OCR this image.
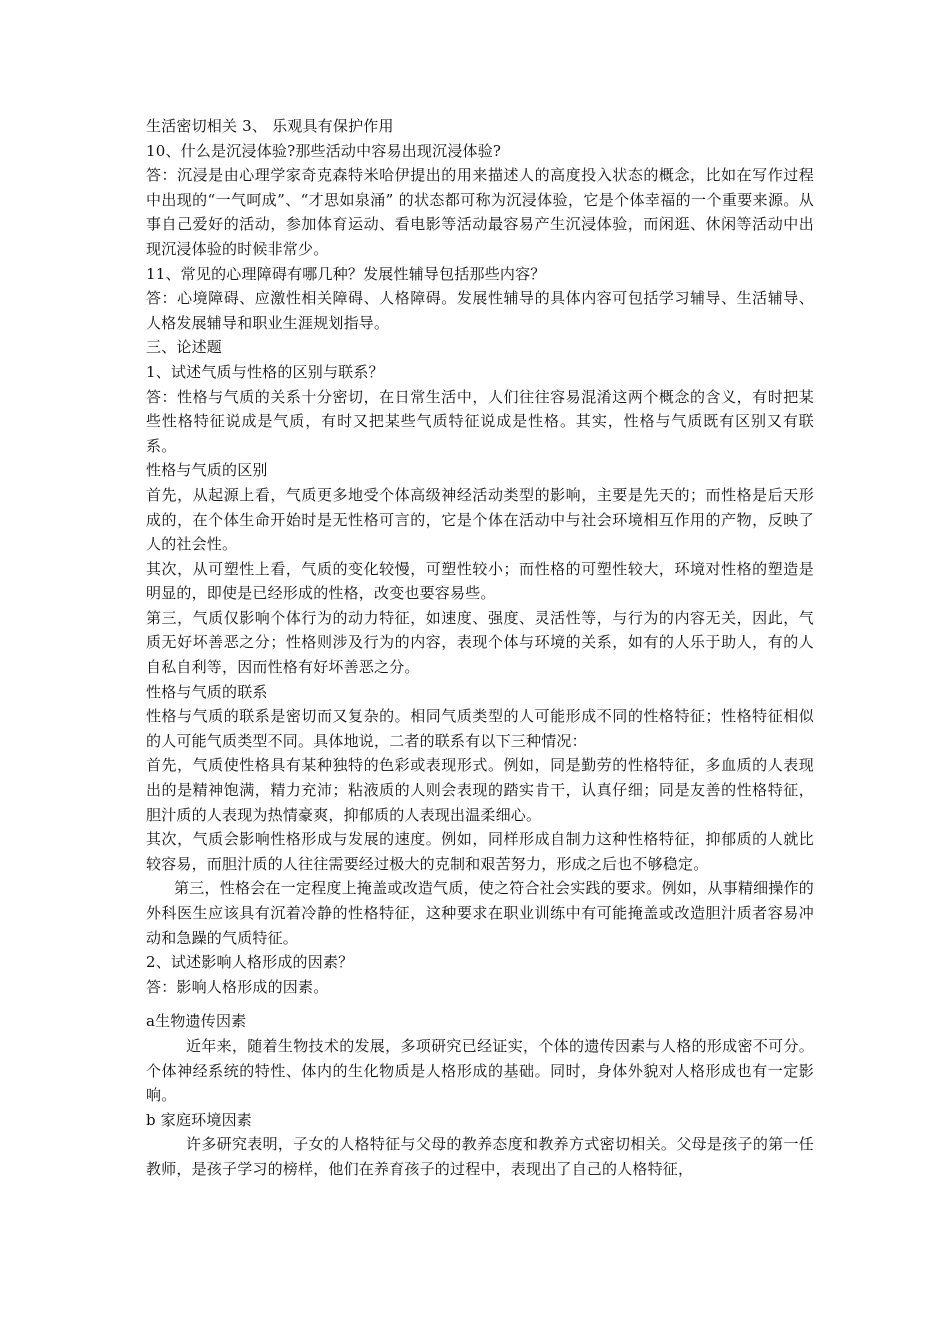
生活密切相关 3、 乐观具有保护作用

10、什么是沉浸体验?那些活动中容易出现沉浸体验?

答：沉浸是由心理学家奇克森特米哈伊提出的用来描述人的高度投入状态的概念，比如在写作过程中出现的“一气呵成”、“才思如泉涌” 的状态都可称为沉浸体验，它是个体幸福的一个重要来源。从事自己爱好的活动，参加体育运动、看电影等活动最容易产生沉浸体验，而闲逛、休闲等活动中出现沉浸体验的时候非常少。

11、常见的心理障碍有哪几种？发展性辅导包括那些内容？

答：心境障碍、应激性相关障碍、人格障碍。发展性辅导的具体内容可包括学习辅导、生活辅导、人格发展辅导和职业生涯规划指导。

三、论述题

1、试述气质与性格的区别与联系？

答：性格与气质的关系十分密切，在日常生活中，人们往往容易混淆这两个概念的含义，有时把某些性格特征说成是气质，有时又把某些气质特征说成是性格。其实，性格与气质既有区别又有联系。

性格与气质的区别

首先，从起源上看，气质更多地受个体高级神经活动类型的影响，主要是先天的；而性格是后天形成的，在个体生命开始时是无性格可言的，它是个体在活动中与社会环境相互作用的产物，反映了人的社会性。

其次，从可塑性上看，气质的变化较慢，可塑性较小；而性格的可塑性较大，环境对性格的塑造是明显的，即使是已经形成的性格，改变也要容易些。

第三，气质仅影响个体行为的动力特征，如速度、强度、灵活性等，与行为的内容无关，因此，气质无好坏善恶之分；性格则涉及行为的内容，表现个体与环境的关系，如有的人乐于助人，有的人自私自利等，因而性格有好坏善恶之分。

性格与气质的联系

性格与气质的联系是密切而又复杂的。相同气质类型的人可能形成不同的性格特征；性格特征相似的人可能气质类型不同。具体地说，二者的联系有以下三种情况：

首先，气质使性格具有某种独特的色彩或表现形式。例如，同是勤劳的性格特征，多血质的人表现出的是精神饱满，精力充沛；粘液质的人则会表现的踏实肯干，认真仔细；同是友善的性格特征，胆汁质的人表现为热情豪爽，抑郁质的人表现出温柔细心。

其次，气质会影响性格形成与发展的速度。例如，同样形成自制力这种性格特征，抑郁质的人就比较容易，而胆汁质的人往往需要经过极大的克制和艰苦努力，形成之后也不够稳定。

第三，性格会在一定程度上掩盖或改造气质，使之符合社会实践的要求。例如，从事精细操作的外科医生应该具有沉着冷静的性格特征，这种要求在职业训练中有可能掩盖或改造胆汁质者容易冲动和急躁的气质特征。

2、试述影响人格形成的因素？

答：影响人格形成的因素。

a生物遗传因素

近年来，随着生物技术的发展，多项研究已经证实，个体的遗传因素与人格的形成密不可分。个体神经系统的特性、体内的生化物质是人格形成的基础。同时，身体外貌对人格形成也有一定影响。

b 家庭环境因素

许多研究表明，子女的人格特征与父母的教养态度和教养方式密切相关。父母是孩子的第一任教师，是孩子学习的榜样，他们在养育孩子的过程中，表现出了自己的人格特征，
